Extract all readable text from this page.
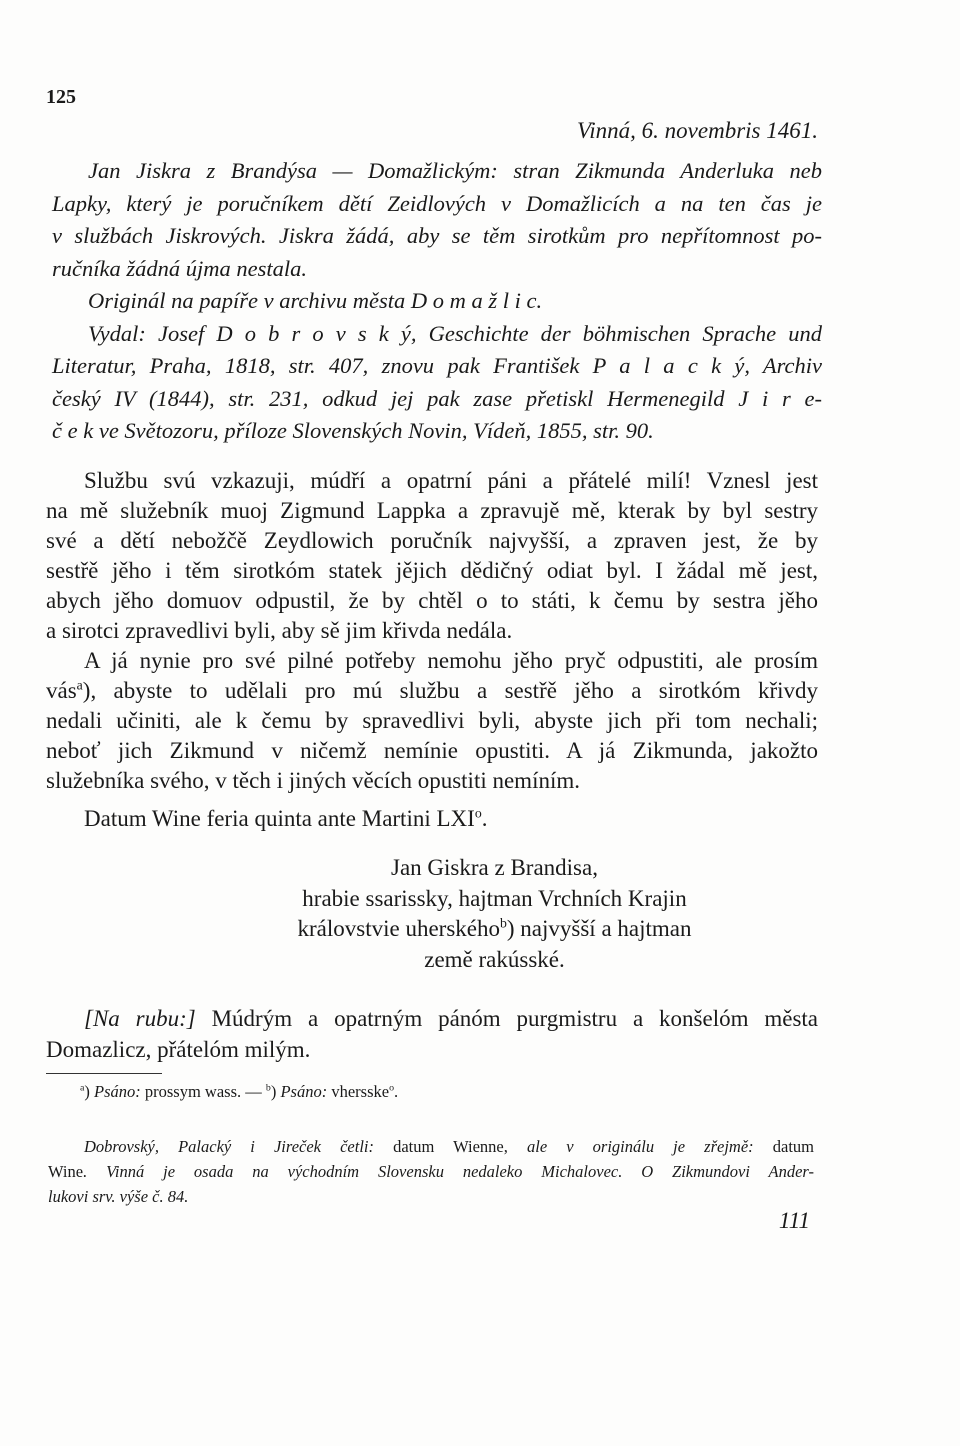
125
Vinná, 6. novembris 1461.
Jan Jiskra z Brandýsa — Domažlickým: stran Zikmunda Anderluka neb
Lapky, který je poručníkem dětí Zeidlových v Domažlicích a na ten čas je
v službách Jiskrových. Jiskra žádá, aby se těm sirotkům pro nepřítomnost po-
ručníka žádná újma nestala.
Originál na papíře v archivu města D o m a ž l i c.
Vydal: Josef D o b r o v s k ý, Geschichte der böhmischen Sprache und
Literatur, Praha, 1818, str. 407, znovu pak František P a l a c k ý, Archiv
český IV (1844), str. 231, odkud jej pak zase přetiskl Hermenegild J i r e-
č e k ve Světozoru, příloze Slovenských Novin, Vídeň, 1855, str. 90.
Službu svú vzkazuji, múdří a opatrní páni a přátelé milí! Vznesl jest
na mě služebník muoj Zigmund Lappka a zpravujě mě, kterak by byl sestry
své a dětí nebožčě Zeydlowich poručník najvyšší, a zpraven jest, že by
sestřě jěho i těm sirotkóm statek jějich dědičný odiat byl. I žádal mě jest,
abych jěho domuov odpustil, že by chtěl o to státi, k čemu by sestra jěho
a sirotci zpravedlivi byli, aby sě jim křivda nedála.
A já nynie pro své pilné potřeby nemohu jěho pryč odpustiti, ale prosím
vás$^a$), abyste to udělali pro mú službu a sestřě jěho a sirotkóm křivdy
nedali učiniti, ale k čemu by spravedlivi byli, abyste jich při tom nechali;
neboť jich Zikmund v ničemž nemínie opustiti. A já Zikmunda, jakožto
služebníka svého, v těch i jiných věcích opustiti nemíním.
Datum Wine feria quinta ante Martini LXI$^o$.
Jan Giskra z Brandisa,
hrabie ssarissky, hajtman Vrchních Krajin
královstvie uherského$^b$) najvyšší a hajtman
země rakússké.
[Na rubu:] Múdrým a opatrným pánóm purgmistru a konšelóm města
Domazlicz, přátelóm milým.
$^a$) Psáno: prossym wass. — $^b$) Psáno: vhersske$^o$.
Dobrovský, Palacký i Jireček četli: datum Wienne, ale v originálu je zřejmě: datum
Wine. Vinná je osada na východním Slovensku nedaleko Michalovec. O Zikmundovi Ander-
lukovi srv. výše č. 84.
111
